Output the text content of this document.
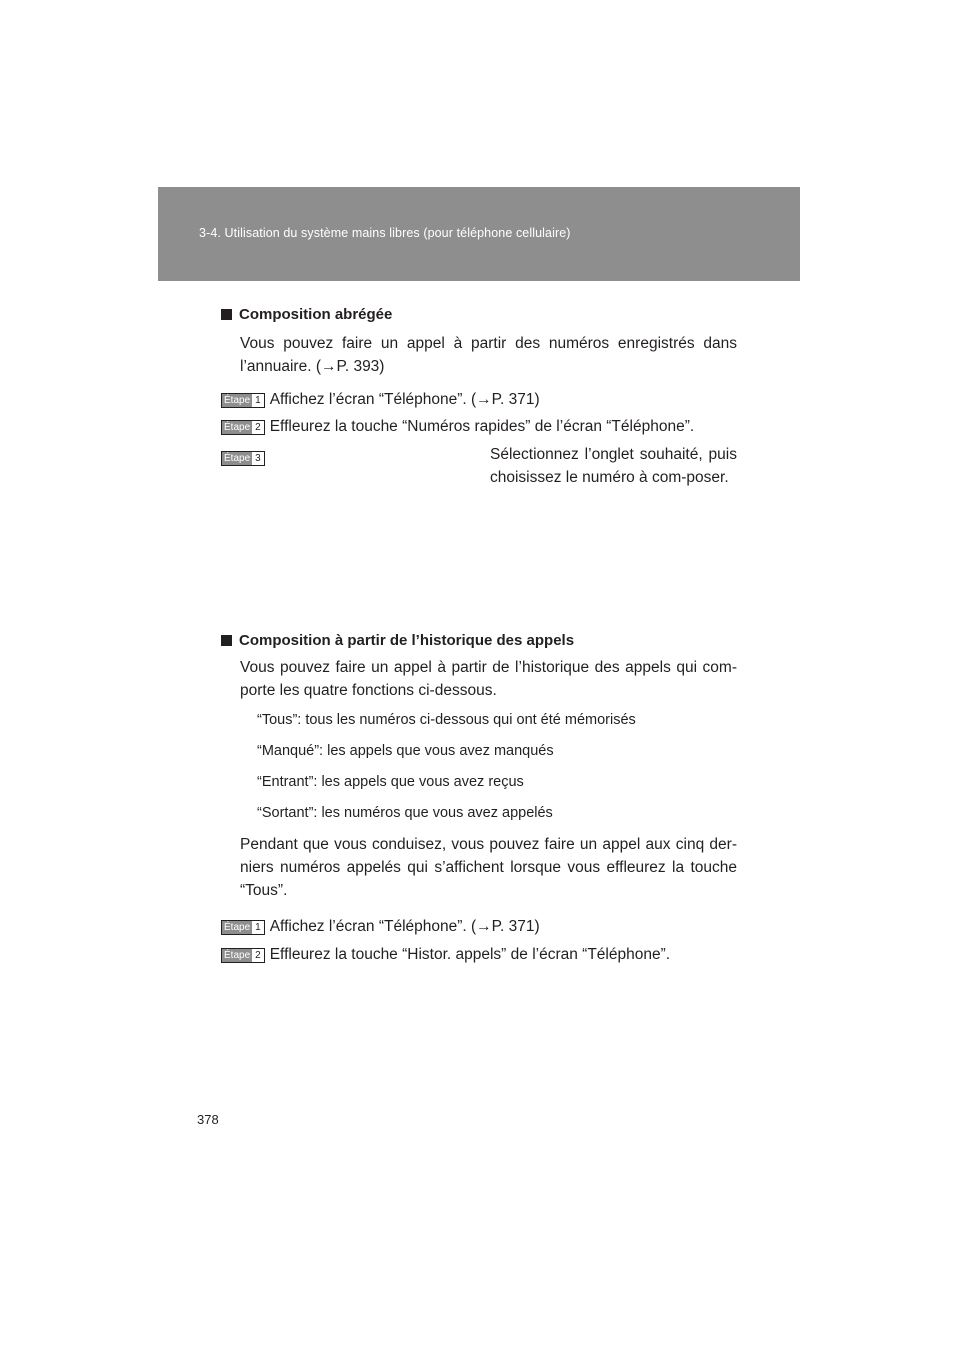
3-4. Utilisation du système mains libres (pour téléphone cellulaire)
Composition abrégée
Vous pouvez faire un appel à partir des numéros enregistrés dans
l’annuaire. (→P. 393)
Étape 1 Affichez l’écran “Téléphone”. (→P. 371)
Étape 2 Effleurez la touche “Numéros rapides” de l’écran “Téléphone”.
Étape 3	Sélectionnez l’onglet souhaité, puis choisissez le numéro à com-poser.
Composition à partir de l’historique des appels
Vous pouvez faire un appel à partir de l’historique des appels qui com-porte les quatre fonctions ci-dessous.
“Tous”: tous les numéros ci-dessous qui ont été mémorisés
“Manqué”: les appels que vous avez manqués
“Entrant”: les appels que vous avez reçus
“Sortant”: les numéros que vous avez appelés
Pendant que vous conduisez, vous pouvez faire un appel aux cinq der-niers numéros appelés qui s’affichent lorsque vous effleurez la touche “Tous”.
Étape 1 Affichez l’écran “Téléphone”. (→P. 371)
Étape 2 Effleurez la touche “Histor. appels” de l’écran “Téléphone”.
378
